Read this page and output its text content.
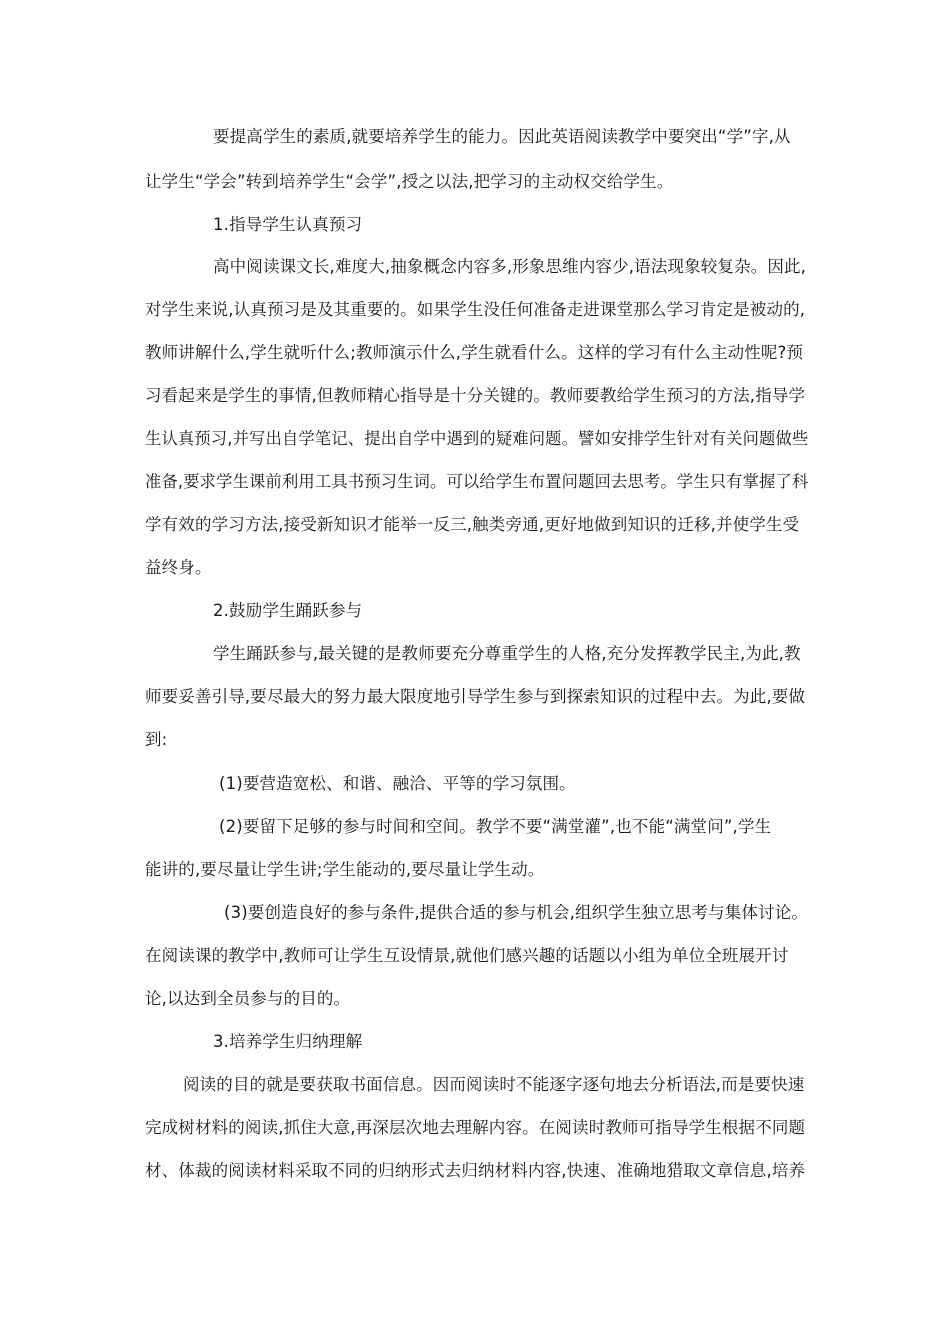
要提高学生的素质,就要培养学生的能力。因此英语阅读教学中要突出“学”字,从
让学生“学会”转到培养学生“会学”,授之以法,把学习的主动权交给学生。
1.指导学生认真预习
高中阅读课文长,难度大,抽象概念内容多,形象思维内容少,语法现象较复杂。因此,
对学生来说,认真预习是及其重要的。如果学生没任何准备走进课堂那么学习肯定是被动的,
教师讲解什么,学生就听什么;教师演示什么,学生就看什么。这样的学习有什么主动性呢?预
习看起来是学生的事情,但教师精心指导是十分关键的。教师要教给学生预习的方法,指导学
生认真预习,并写出自学笔记、提出自学中遇到的疑难问题。譬如安排学生针对有关问题做些
准备,要求学生课前利用工具书预习生词。可以给学生布置问题回去思考。学生只有掌握了科
学有效的学习方法,接受新知识才能举一反三,触类旁通,更好地做到知识的迁移,并使学生受
益终身。
2.鼓励学生踊跃参与
学生踊跃参与,最关键的是教师要充分尊重学生的人格,充分发挥教学民主,为此,教
师要妥善引导,要尽最大的努力最大限度地引导学生参与到探索知识的过程中去。为此,要做
到:
(1)要营造宽松、和谐、融洽、平等的学习氛围。
(2)要留下足够的参与时间和空间。教学不要“满堂灌”,也不能“满堂问”,学生
能讲的,要尽量让学生讲;学生能动的,要尽量让学生动。
(3)要创造良好的参与条件,提供合适的参与机会,组织学生独立思考与集体讨论。
在阅读课的教学中,教师可让学生互设情景,就他们感兴趣的话题以小组为单位全班展开讨
论,以达到全员参与的目的。
3.培养学生归纳理解
阅读的目的就是要获取书面信息。因而阅读时不能逐字逐句地去分析语法,而是要快速
完成树材料的阅读,抓住大意,再深层次地去理解内容。在阅读时教师可指导学生根据不同题
材、体裁的阅读材料采取不同的归纳形式去归纳材料内容,快速、准确地猎取文章信息,培养
